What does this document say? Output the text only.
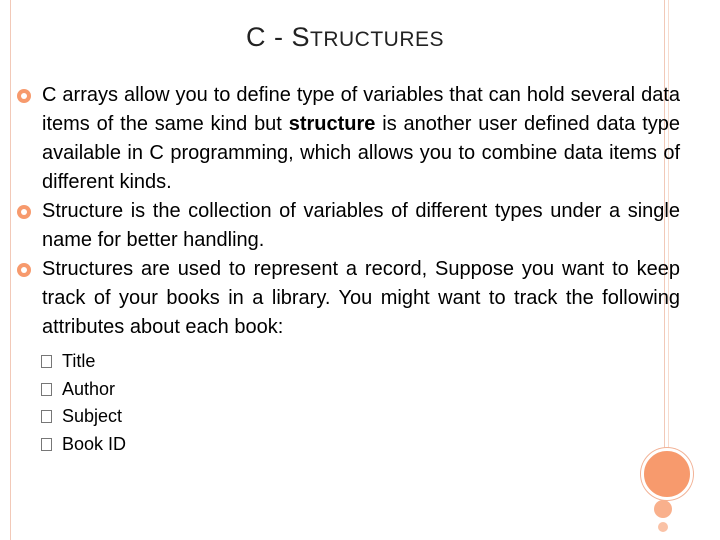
C - STRUCTURES

C arrays allow you to define type of variables that can hold several data items of the same kind but structure is another user defined data type available in C programming, which allows you to combine data items of different kinds.

Structure is the collection of variables of different types under a single name for better handling.

Structures are used to represent a record, Suppose you want to keep track of your books in a library. You might want to track the following attributes about each book:

Title
Author
Subject
Book ID
